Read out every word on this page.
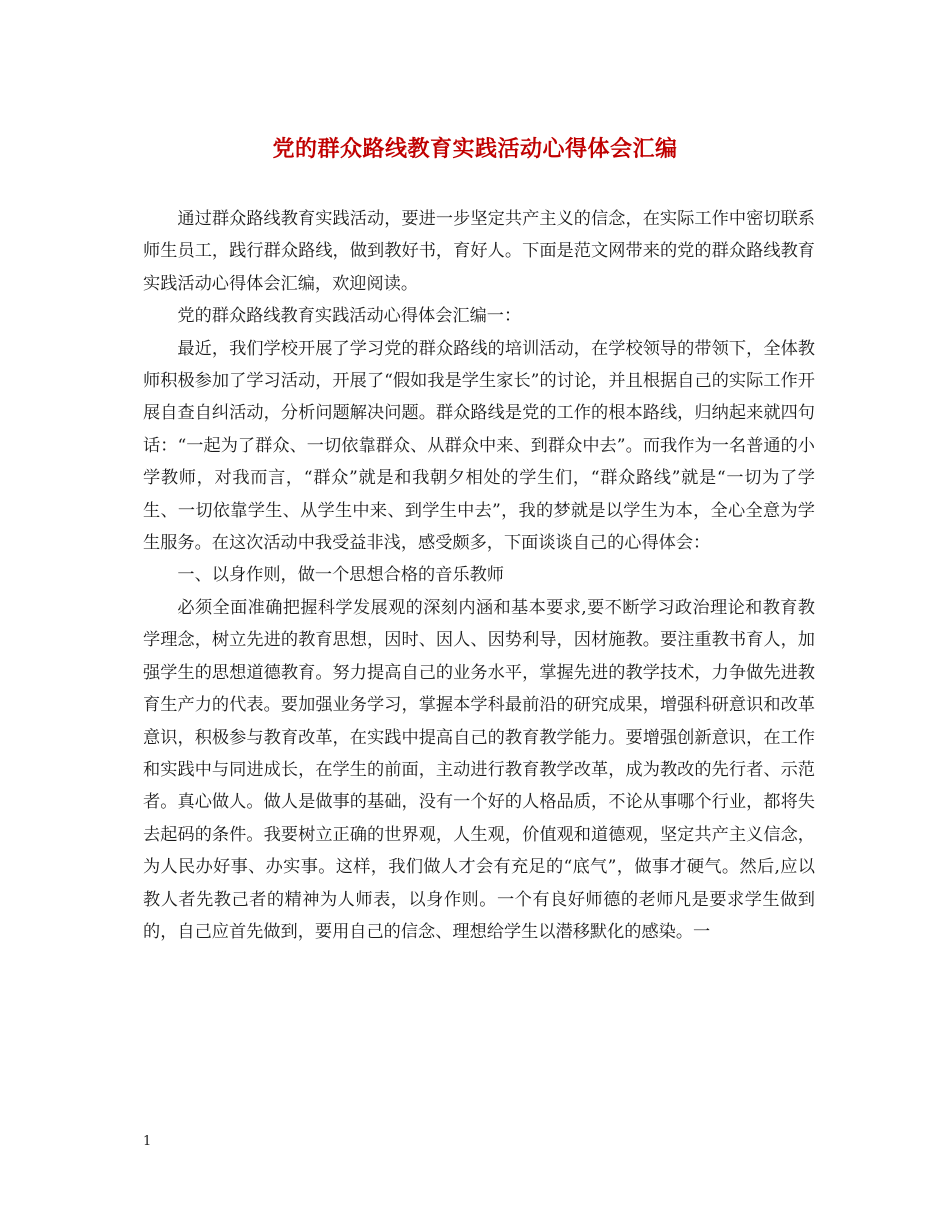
党的群众路线教育实践活动心得体会汇编

通过群众路线教育实践活动，要进一步坚定共产主义的信念，在实际工作中密切联系师生员工，践行群众路线，做到教好书，育好人。下面是范文网带来的党的群众路线教育实践活动心得体会汇编，欢迎阅读。

党的群众路线教育实践活动心得体会汇编一：

最近，我们学校开展了学习党的群众路线的培训活动，在学校领导的带领下，全体教师积极参加了学习活动，开展了“假如我是学生家长”的讨论，并且根据自己的实际工作开展自查自纠活动，分析问题解决问题。群众路线是党的工作的根本路线，归纳起来就四句话：“一起为了群众、一切依靠群众、从群众中来、到群众中去”。而我作为一名普通的小学教师，对我而言，“群众”就是和我朝夕相处的学生们，“群众路线”就是“一切为了学生、一切依靠学生、从学生中来、到学生中去”，我的梦就是以学生为本，全心全意为学生服务。在这次活动中我受益非浅，感受颇多，下面谈谈自己的心得体会：

一、以身作则，做一个思想合格的音乐教师

必须全面准确把握科学发展观的深刻内涵和基本要求,要不断学习政治理论和教育教学理念，树立先进的教育思想，因时、因人、因势利导，因材施教。要注重教书育人，加强学生的思想道德教育。努力提高自己的业务水平，掌握先进的教学技术，力争做先进教育生产力的代表。要加强业务学习，掌握本学科最前沿的研究成果，增强科研意识和改革意识，积极参与教育改革，在实践中提高自己的教育教学能力。要增强创新意识，在工作和实践中与同进成长，在学生的前面，主动进行教育教学改革，成为教改的先行者、示范者。真心做人。做人是做事的基础，没有一个好的人格品质，不论从事哪个行业，都将失去起码的条件。我要树立正确的世界观，人生观，价值观和道德观，坚定共产主义信念，为人民办好事、办实事。这样，我们做人才会有充足的“底气”，做事才硬气。然后,应以教人者先教己者的精神为人师表，以身作则。一个有良好师德的老师凡是要求学生做到的，自己应首先做到，要用自己的信念、理想给学生以潜移默化的感染。一

1
